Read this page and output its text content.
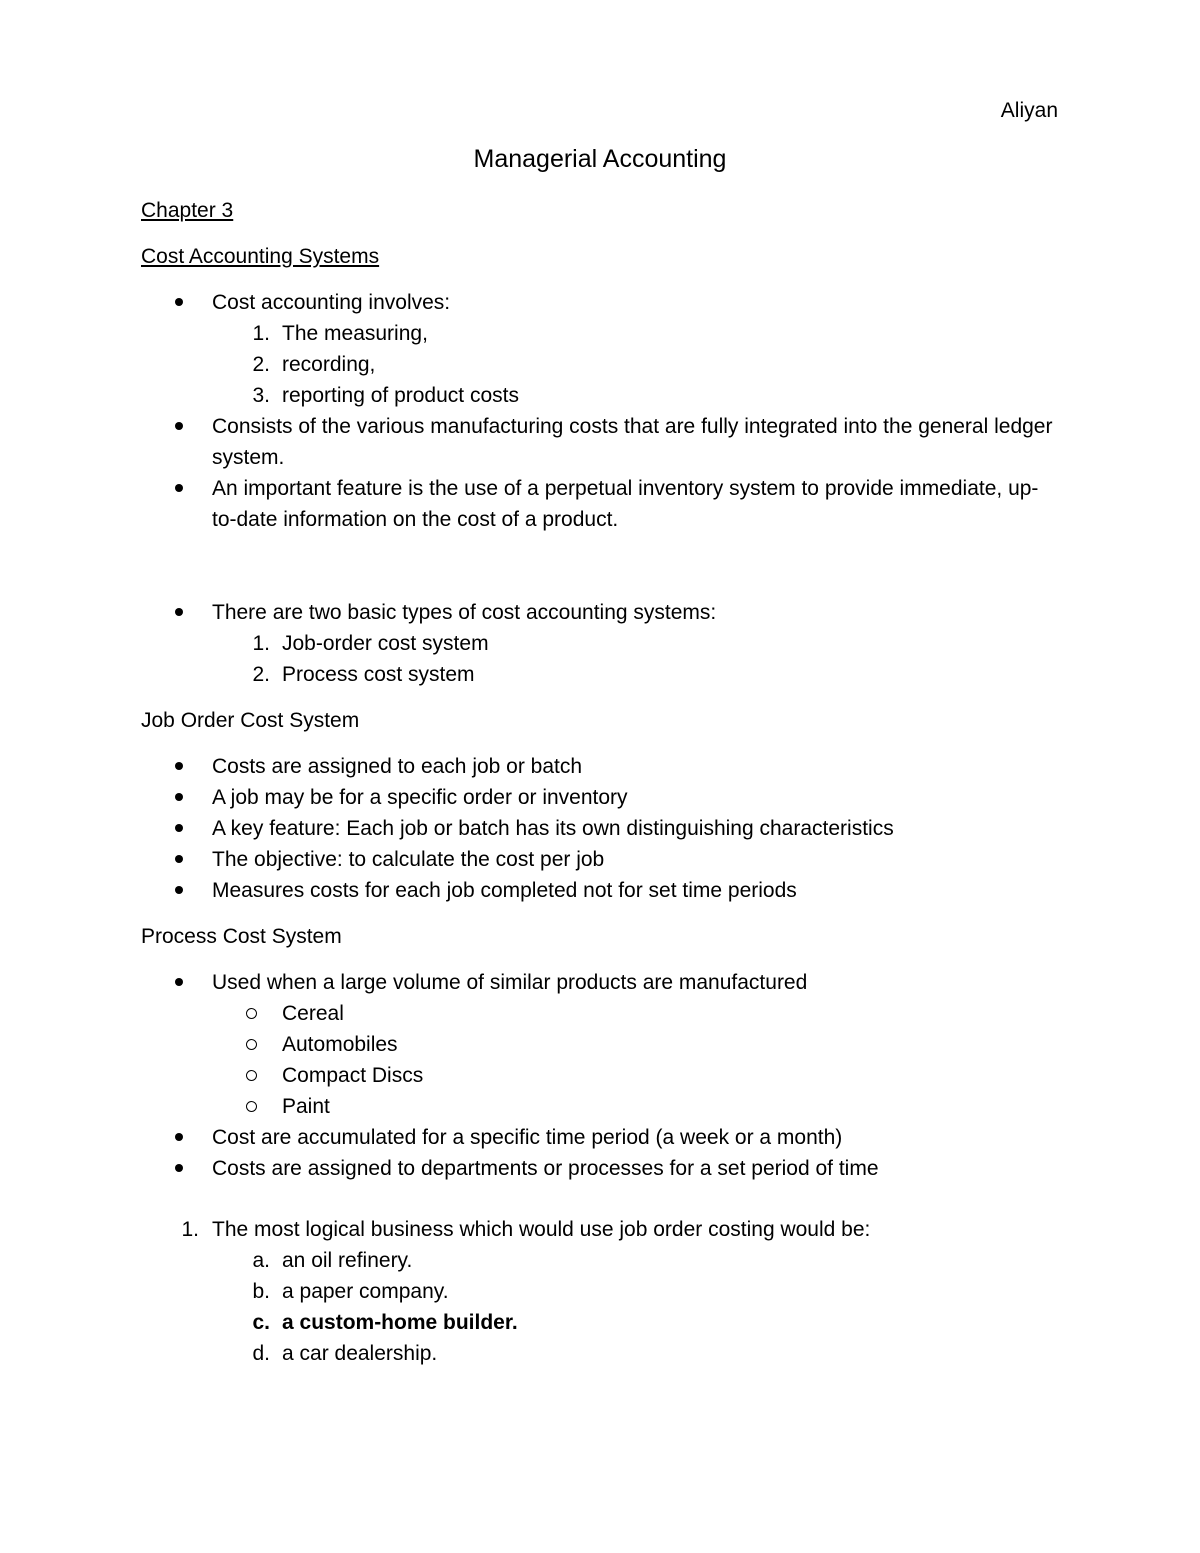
Aliyan
Managerial Accounting

Chapter 3

Cost Accounting Systems

Cost accounting involves:
1. The measuring,
2. recording,
3. reporting of product costs
Consists of the various manufacturing costs that are fully integrated into the general ledger system.
An important feature is the use of a perpetual inventory system to provide immediate, up-to-date information on the cost of a product.
There are two basic types of cost accounting systems:
1. Job-order cost system
2. Process cost system

Job Order Cost System

Costs are assigned to each job or batch
A job may be for a specific order or inventory
A key feature: Each job or batch has its own distinguishing characteristics
The objective: to calculate the cost per job
Measures costs for each job completed not for set time periods

Process Cost System

Used when a large volume of similar products are manufactured
Cereal
Automobiles
Compact Discs
Paint
Cost are accumulated for a specific time period (a week or a month)
Costs are assigned to departments or processes for a set period of time
1. The most logical business which would use job order costing would be:
a. an oil refinery.
b. a paper company.
c. a custom-home builder.
d. a car dealership.
